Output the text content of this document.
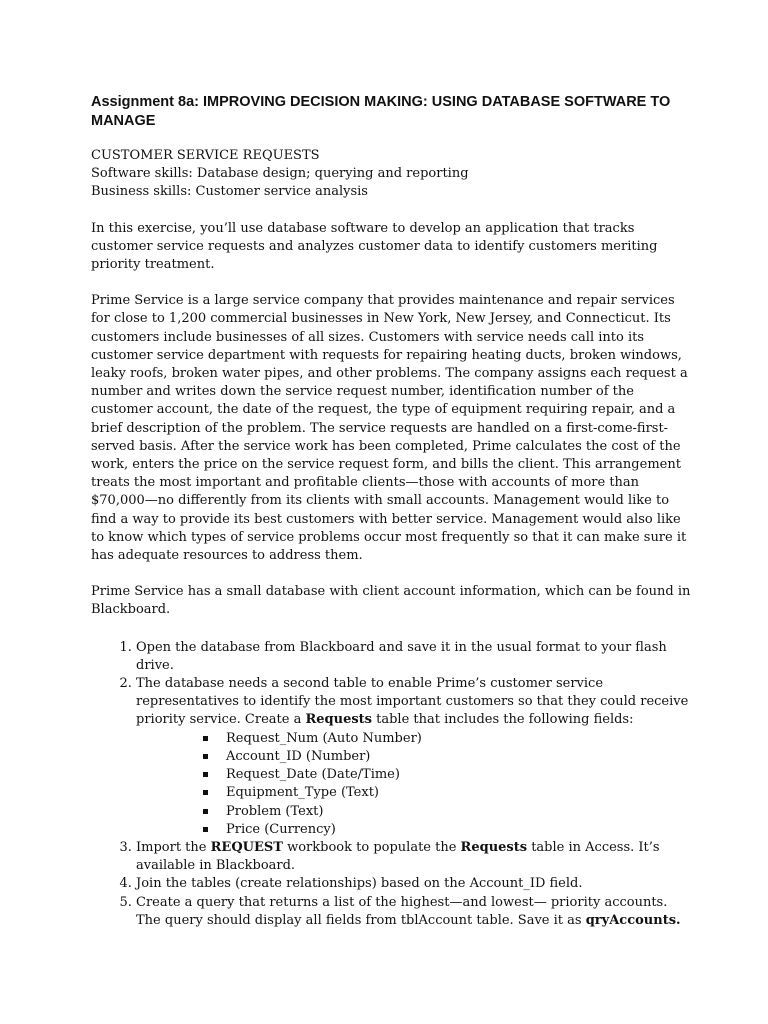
Assignment 8a: IMPROVING DECISION MAKING: USING DATABASE SOFTWARE TO MANAGE
CUSTOMER SERVICE REQUESTS
Software skills: Database design; querying and reporting
Business skills: Customer service analysis

In this exercise, you’ll use database software to develop an application that tracks customer service requests and analyzes customer data to identify customers meriting priority treatment.

Prime Service is a large service company that provides maintenance and repair services for close to 1,200 commercial businesses in New York, New Jersey, and Connecticut. Its customers include businesses of all sizes. Customers with service needs call into its customer service department with requests for repairing heating ducts, broken windows, leaky roofs, broken water pipes, and other problems. The company assigns each request a number and writes down the service request number, identification number of the customer account, the date of the request, the type of equipment requiring repair, and a brief description of the problem. The service requests are handled on a first-come-first-served basis. After the service work has been completed, Prime calculates the cost of the work, enters the price on the service request form, and bills the client. This arrangement treats the most important and profitable clients—those with accounts of more than $70,000—no differently from its clients with small accounts. Management would like to find a way to provide its best customers with better service. Management would also like to know which types of service problems occur most frequently so that it can make sure it has adequate resources to address them.

Prime Service has a small database with client account information, which can be found in Blackboard.

1. Open the database from Blackboard and save it in the usual format to your flash drive.
2. The database needs a second table to enable Prime’s customer service representatives to identify the most important customers so that they could receive priority service. Create a Requests table that includes the following fields:
Request_Num (Auto Number)
Account_ID (Number)
Request_Date (Date/Time)
Equipment_Type (Text)
Problem (Text)
Price (Currency)
3. Import the REQUEST workbook to populate the Requests table in Access. It’s available in Blackboard.
4. Join the tables (create relationships) based on the Account_ID field.
5. Create a query that returns a list of the highest—and lowest— priority accounts. The query should display all fields from tblAccount table. Save it as qryAccounts.
